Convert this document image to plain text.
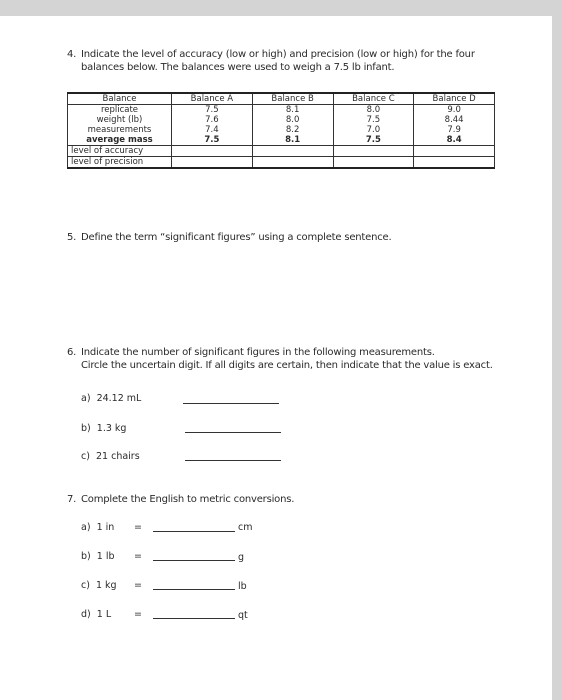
4. Indicate the level of accuracy (low or high) and precision (low or high) for the four
balances below. The balances were used to weigh a 7.5 lb infant.
Balance	Balance A	Balance B	Balance C	Balance D
replicate	7.5	8.1	8.0	9.0
weight (lb)	7.6	8.0	7.5	8.44
measurements	7.4	8.2	7.0	7.9
average mass	7.5	8.1	7.5	8.4
level of accuracy				
level of precision				
5. Define the term “significant figures” using a complete sentence.
6. Indicate the number of significant figures in the following measurements.
Circle the uncertain digit. If all digits are certain, then indicate that the value is exact.
a) 24.12 mL
b) 1.3 kg
c) 21 chairs
7. Complete the English to metric conversions.
a) 1 in =	cm
b) 1 lb =	g
c) 1 kg =	lb
d) 1 L =	qt
